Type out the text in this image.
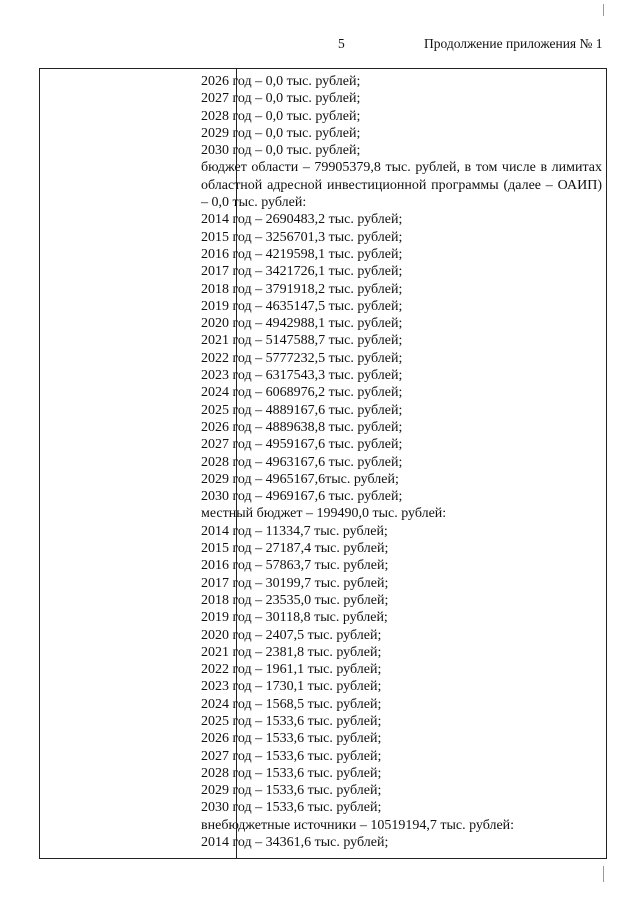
5	Продолжение приложения № 1
2026 год – 0,0 тыс. рублей;
2027 год – 0,0 тыс. рублей;
2028 год – 0,0 тыс. рублей;
2029 год – 0,0 тыс. рублей;
2030 год – 0,0 тыс. рублей;
бюджет области – 79905379,8 тыс. рублей, в том числе в лимитах областной адресной инвестиционной программы (далее – ОАИП) – 0,0 тыс. рублей:
2014 год – 2690483,2 тыс. рублей;
2015 год – 3256701,3 тыс. рублей;
2016 год – 4219598,1 тыс. рублей;
2017 год – 3421726,1 тыс. рублей;
2018 год – 3791918,2 тыс. рублей;
2019 год – 4635147,5 тыс. рублей;
2020 год – 4942988,1 тыс. рублей;
2021 год – 5147588,7 тыс. рублей;
2022 год – 5777232,5 тыс. рублей;
2023 год – 6317543,3 тыс. рублей;
2024 год – 6068976,2 тыс. рублей;
2025 год – 4889167,6 тыс. рублей;
2026 год – 4889638,8 тыс. рублей;
2027 год – 4959167,6 тыс. рублей;
2028 год – 4963167,6 тыс. рублей;
2029 год – 4965167,6тыс. рублей;
2030 год – 4969167,6 тыс. рублей;
местный бюджет – 199490,0 тыс. рублей:
2014 год – 11334,7 тыс. рублей;
2015 год – 27187,4 тыс. рублей;
2016 год – 57863,7 тыс. рублей;
2017 год – 30199,7 тыс. рублей;
2018 год – 23535,0 тыс. рублей;
2019 год – 30118,8 тыс. рублей;
2020 год – 2407,5 тыс. рублей;
2021 год – 2381,8 тыс. рублей;
2022 год – 1961,1 тыс. рублей;
2023 год – 1730,1 тыс. рублей;
2024 год – 1568,5 тыс. рублей;
2025 год – 1533,6 тыс. рублей;
2026 год – 1533,6 тыс. рублей;
2027 год – 1533,6 тыс. рублей;
2028 год – 1533,6 тыс. рублей;
2029 год – 1533,6 тыс. рублей;
2030 год – 1533,6 тыс. рублей;
внебюджетные источники – 10519194,7 тыс. рублей:
2014 год – 34361,6 тыс. рублей;
